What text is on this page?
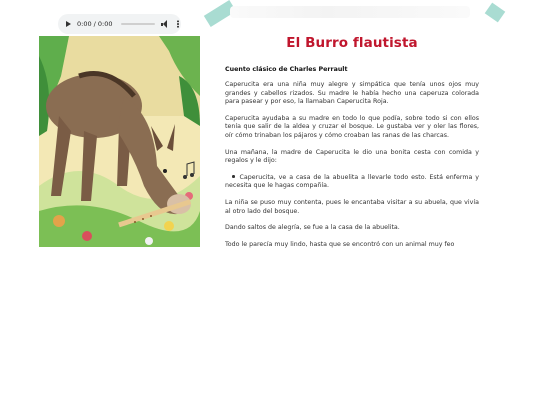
0:00 / 0:00
El Burro flautista

Cuento clásico de Charles Perrault

Caperucita era una niña muy alegre y simpática que tenía unos ojos muy grandes y cabellos rizados. Su madre le había hecho una caperuza colorada para pasear y por eso, la llamaban Caperucita Roja.

Caperucita ayudaba a su madre en todo lo que podía, sobre todo si con ellos tenía que salir de la aldea y cruzar el bosque. Le gustaba ver y oler las flores, oír cómo trinaban los pájaros y cómo croaban las ranas de las charcas.

Una mañana, la madre de Caperucita le dio una bonita cesta con comida y regalos y le dijo:

Caperucita, ve a casa de la abuelita a llevarle todo esto. Está enferma y necesita que le hagas compañía.

La niña se puso muy contenta, pues le encantaba visitar a su abuela, que vivía al otro lado del bosque.

Dando saltos de alegría, se fue a la casa de la abuelita.

Todo le parecía muy lindo, hasta que se encontró con un animal muy feo
